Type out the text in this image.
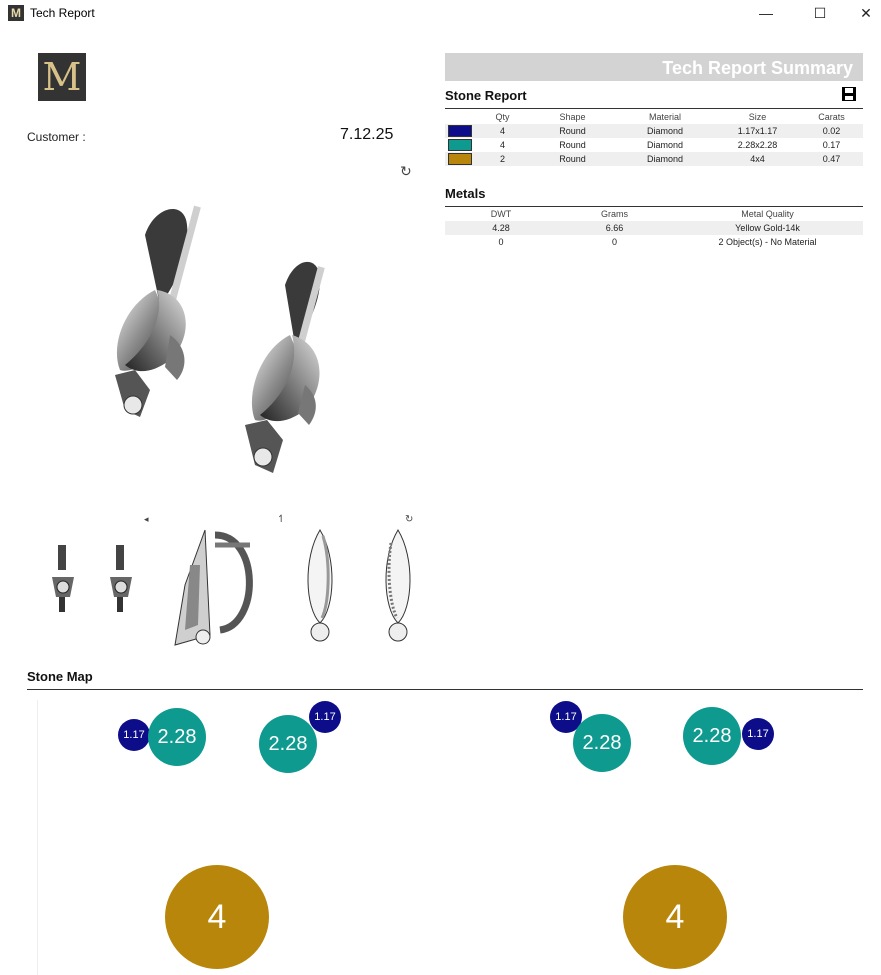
M Tech Report	—	☐	✕
M
Customer :	7.12.25
↻
◂	↿	↻
Tech Report Summary
Stone Report
	Qty	Shape	Material	Size	Carats
	4	Round	Diamond	1.17x1.17	0.02
	4	Round	Diamond	2.28x2.28	0.17
	2	Round	Diamond	4x4	0.47
Metals
DWT	Grams	Metal Quality
4.28	6.66	Yellow Gold-14k
0	0	2 Object(s) - No Material
Stone Map
1.17 2.28	2.28
1.17	1.17
2.28	2.28	1.17
4	4
